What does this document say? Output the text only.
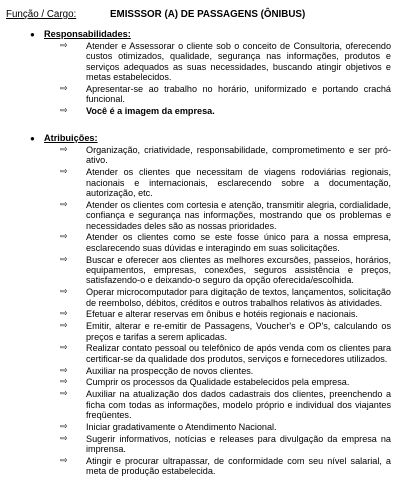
Função / Cargo:	EMISSSOR (A) DE PASSAGENS (ÔNIBUS)
● Responsabilidades:
⇨ Atender e Assessorar o cliente sob o conceito de Consultoria, oferecendo custos otimizados, qualidade, segurança nas informações, produtos e serviços adequados as suas necessidades, buscando atingir objetivos e metas estabelecidos.
⇨ Apresentar-se ao trabalho no horário, uniformizado e portando crachá funcional.
⇨ Você é a imagem da empresa.
● Atribuições:
⇨ Organização, criatividade, responsabilidade, comprometimento e ser pró-ativo.
⇨ Atender os clientes que necessitam de viagens rodoviárias regionais, nacionais e internacionais, esclarecendo sobre a documentação, autorização, etc.
⇨ Atender os clientes com cortesia e atenção, transmitir alegria, cordialidade, confiança e segurança nas informações, mostrando que os problemas e necessidades deles são as nossas prioridades.
⇨ Atender os clientes como se este fosse único para a nossa empresa, esclarecendo suas dúvidas e interagindo em suas solicitações.
⇨ Buscar e oferecer aos clientes as melhores excursões, passeios, horários, equipamentos, empresas, conexões, seguros assistência e preços, satisfazendo-o e deixando-o seguro da opção oferecida/escolhida.
⇨ Operar microcomputador para digitação de textos, lançamentos, solicitação de reembolso, débitos, créditos e outros trabalhos relativos às atividades.
⇨ Efetuar e alterar reservas em ônibus e hotéis regionais e nacionais.
⇨ Emitir, alterar e re-emitir de Passagens, Voucher's e OP's, calculando os preços e tarifas a serem aplicadas.
⇨ Realizar contato pessoal ou telefônico de após venda com os clientes para certificar-se da qualidade dos produtos, serviços e fornecedores utilizados.
⇨ Auxiliar na prospecção de novos clientes.
⇨ Cumprir os processos da Qualidade estabelecidos pela empresa.
⇨ Auxiliar na atualização dos dados cadastrais dos clientes, preenchendo a ficha com todas as informações, modelo próprio e individual dos viajantes freqüentes.
⇨ Iniciar gradativamente o Atendimento Nacional.
⇨ Sugerir informativos, notícias e releases para divulgação da empresa na imprensa.
⇨ Atingir e procurar ultrapassar, de conformidade com seu nível salarial, a meta de produção estabelecida.
